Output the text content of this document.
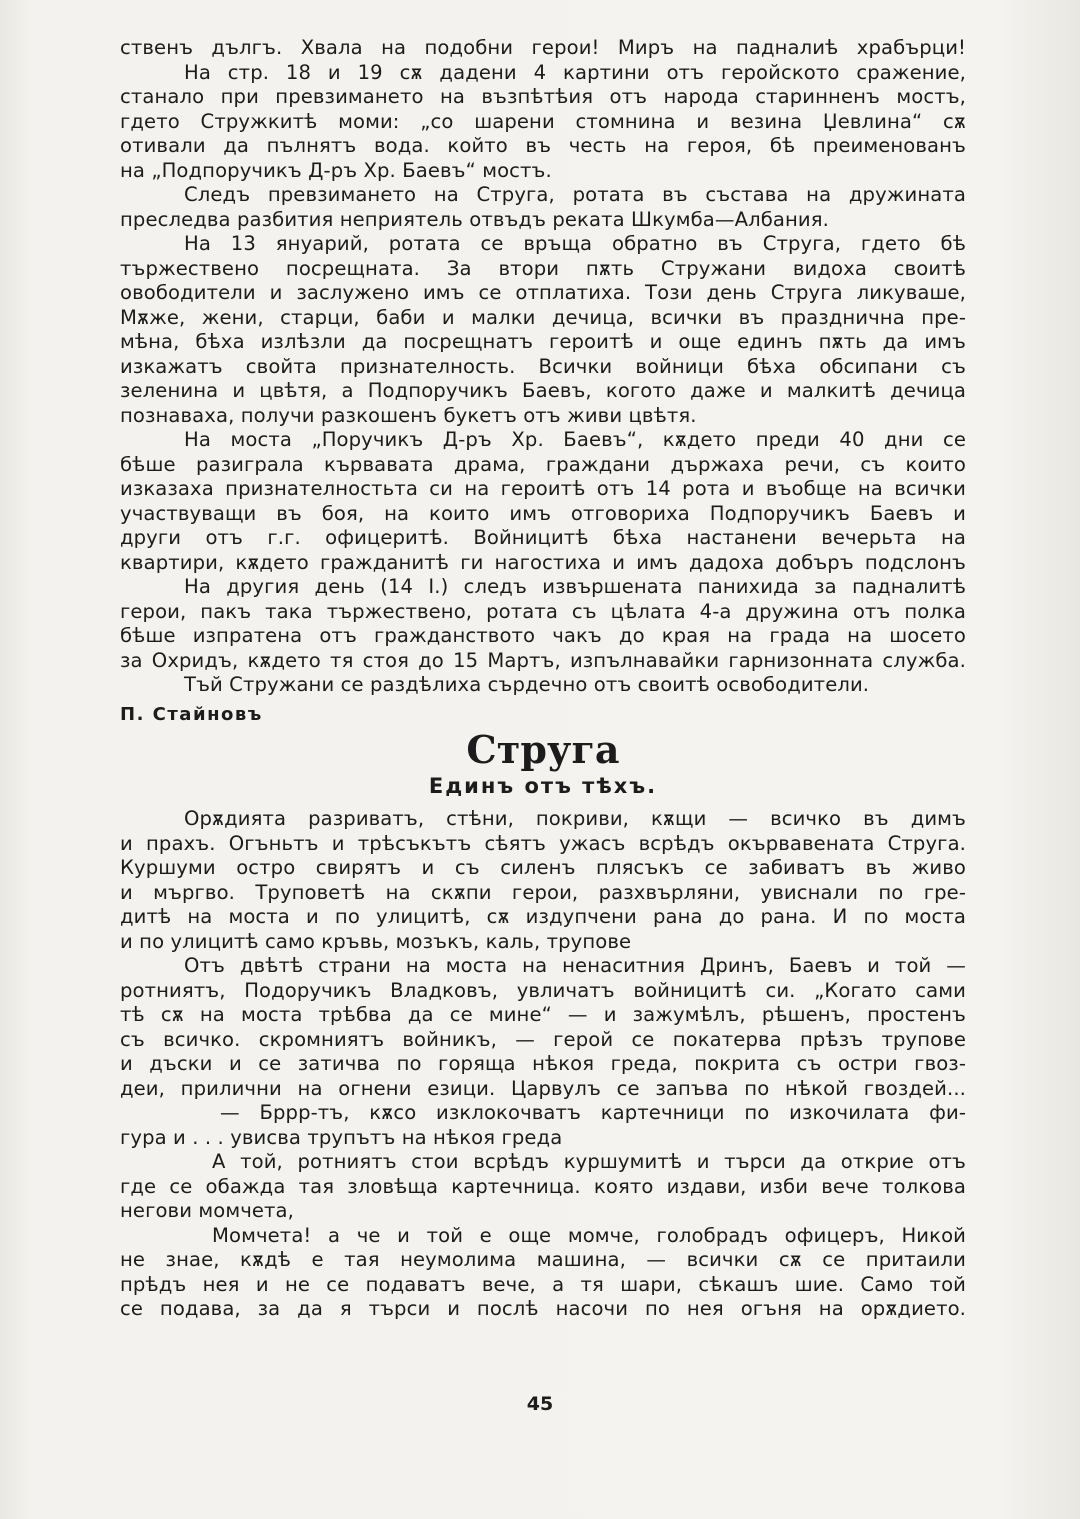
ственъ дългъ. Хвала на подобни герои! Миръ на падналиѣ храбърци!

На стр. 18 и 19 сѫ дадени 4 картини отъ геройското сражение,

станало при превзимането на възпѣтѣия отъ народа старинненъ мостъ,

гдето Стружкитѣ моми: „со шарени стомнина и везина Џевлина“ сѫ

отивали да пълнятъ вода. който въ честь на героя, бѣ преименованъ

на „Подпоручикъ Д-ръ Хр. Баевъ“ мостъ.

Следъ превзимането на Струга, ротата въ състава на дружината

преследва разбития неприятель отвъдъ реката Шкумба—Албания.

На 13 януарий, ротата се връща обратно въ Струга, гдето бѣ

тържествено посрещната. За втори пѫть Стружани видоха своитѣ

овободители и заслужено имъ се отплатиха. Този день Струга ликуваше,

Мѫже, жени, старци, баби и малки дечица, всички въ празднична пре-

мѣна, бѣха излѣзли да посрещнатъ героитѣ и още единъ пѫть да имъ

изкажатъ свойта признателность. Всички войници бѣха обсипани съ

зеленина и цвѣтя, а Подпоручикъ Баевъ, когото даже и малкитѣ дечица

познаваха, получи разкошенъ букетъ отъ живи цвѣтя.

На моста „Поручикъ Д-ръ Хр. Баевъ“, кѫдето преди 40 дни се

бѣше разиграла кървавата драма, граждани държаха речи, съ които

изказаха признателностьта си на героитѣ отъ 14 рота и въобще на всички

участвуващи въ боя, на които имъ отговориха Подпоручикъ Баевъ и

други отъ г.г. офицеритѣ. Войницитѣ бѣха настанени вечерьта на

квартири, кѫдето гражданитѣ ги нагостиха и имъ дадоха добъръ подслонъ

На другия день (14 I.) следъ извършената панихида за падналитѣ

герои, пакъ така тържествено, ротата съ цѣлата 4-а дружина отъ полка

бѣше изпратена отъ гражданството чакъ до края на града на шосето

за Охридъ, кѫдето тя стоя до 15 Мартъ, изпълнавайки гарнизонната служба.

Тъй Стружани се раздѣлиха сърдечно отъ своитѣ освободители.

П. Стайновъ

Струга

Единъ отъ тѣхъ.

Орѫдията разриватъ, стѣни, покриви, кѫщи — всичко въ димъ

и прахъ. Огъньтъ и трѣсъкътъ сѣятъ ужасъ всрѣдъ окървавената Струга.

Куршуми остро свирятъ и съ силенъ плясъкъ се забиватъ въ живо

и мъргво. Труповетѣ на скѫпи герои, разхвърляни, увиснали по гре-

дитѣ на моста и по улицитѣ, сѫ издупчени рана до рана. И по моста

и по улицитѣ само кръвь, мозъкъ, каль, трупове

Отъ двѣтѣ страни на моста на ненаситния Дринъ, Баевъ и той —

ротниятъ, Подоручикъ Владковъ, увличатъ войницитѣ си. „Когато сами

тѣ сѫ на моста трѣбва да се мине“ — и зажумѣлъ, рѣшенъ, простенъ

съ всичко. скромниятъ войникъ, — герой се покатерва прѣзъ трупове

и дъски и се затичва по горяща нѣкоя греда, покрита съ остри гвоз-

деи, прилични на огнени езици. Царвулъ се запъва по нѣкой гвоздей...

— Бррр-тъ, кѫсо изклокочватъ картечници по изкочилата фи-

гура и . . . увисва трупътъ на нѣкоя греда

А той, ротниятъ стои всрѣдъ куршумитѣ и търси да открие отъ

где се обажда тая зловѣща картечница. която издави, изби вече толкова

негови момчета,

Момчета! а че и той е още момче, голобрадъ офицеръ, Никой

не знае, кѫдѣ е тая неумолима машина, — всички сѫ се притаили

прѣдъ нея и не се подаватъ вече, а тя шари, сѣкашъ шие. Само той

се подава, за да я търси и послѣ насочи по нея огъня на орѫдието.

45
